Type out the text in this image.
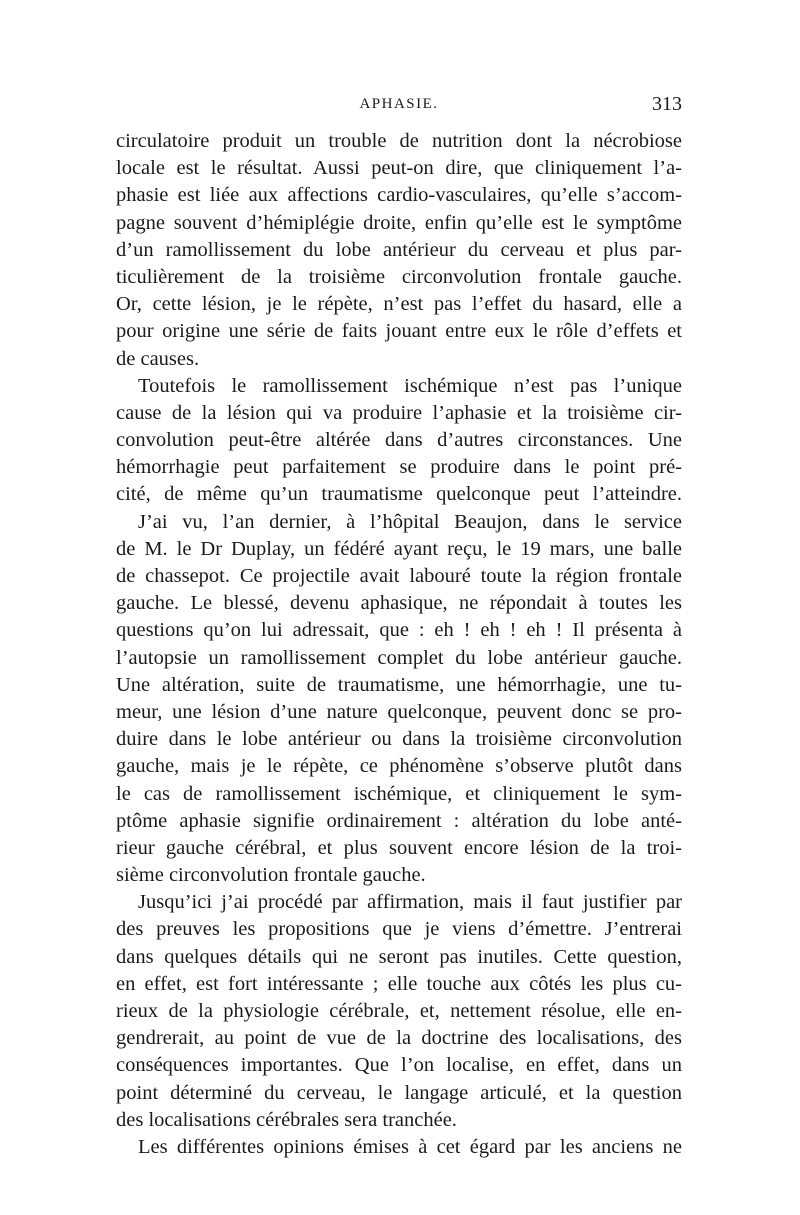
APHASIE.	313
circulatoire produit un trouble de nutrition dont la nécrobiose
locale est le résultat. Aussi peut-on dire, que cliniquement l’a-
phasie est liée aux affections cardio-vasculaires, qu’elle s’accom-
pagne souvent d’hémiplégie droite, enfin qu’elle est le symptôme
d’un ramollissement du lobe antérieur du cerveau et plus par-
ticulièrement de la troisième circonvolution frontale gauche.
Or, cette lésion, je le répète, n’est pas l’effet du hasard, elle a
pour origine une série de faits jouant entre eux le rôle d’effets et
de causes.
Toutefois le ramollissement ischémique n’est pas l’unique
cause de la lésion qui va produire l’aphasie et la troisième cir-
convolution peut-être altérée dans d’autres circonstances. Une
hémorrhagie peut parfaitement se produire dans le point pré-
cité, de même qu’un traumatisme quelconque peut l’atteindre.
J’ai vu, l’an dernier, à l’hôpital Beaujon, dans le service
de M. le Dr Duplay, un fédéré ayant reçu, le 19 mars, une balle
de chassepot. Ce projectile avait labouré toute la région frontale
gauche. Le blessé, devenu aphasique, ne répondait à toutes les
questions qu’on lui adressait, que : eh ! eh ! eh ! Il présenta à
l’autopsie un ramollissement complet du lobe antérieur gauche.
Une altération, suite de traumatisme, une hémorrhagie, une tu-
meur, une lésion d’une nature quelconque, peuvent donc se pro-
duire dans le lobe antérieur ou dans la troisième circonvolution
gauche, mais je le répète, ce phénomène s’observe plutôt dans
le cas de ramollissement ischémique, et cliniquement le sym-
ptôme aphasie signifie ordinairement : altération du lobe anté-
rieur gauche cérébral, et plus souvent encore lésion de la troi-
sième circonvolution frontale gauche.
Jusqu’ici j’ai procédé par affirmation, mais il faut justifier par
des preuves les propositions que je viens d’émettre. J’entrerai
dans quelques détails qui ne seront pas inutiles. Cette question,
en effet, est fort intéressante ; elle touche aux côtés les plus cu-
rieux de la physiologie cérébrale, et, nettement résolue, elle en-
gendrerait, au point de vue de la doctrine des localisations, des
conséquences importantes. Que l’on localise, en effet, dans un
point déterminé du cerveau, le langage articulé, et la question
des localisations cérébrales sera tranchée.
Les différentes opinions émises à cet égard par les anciens ne
